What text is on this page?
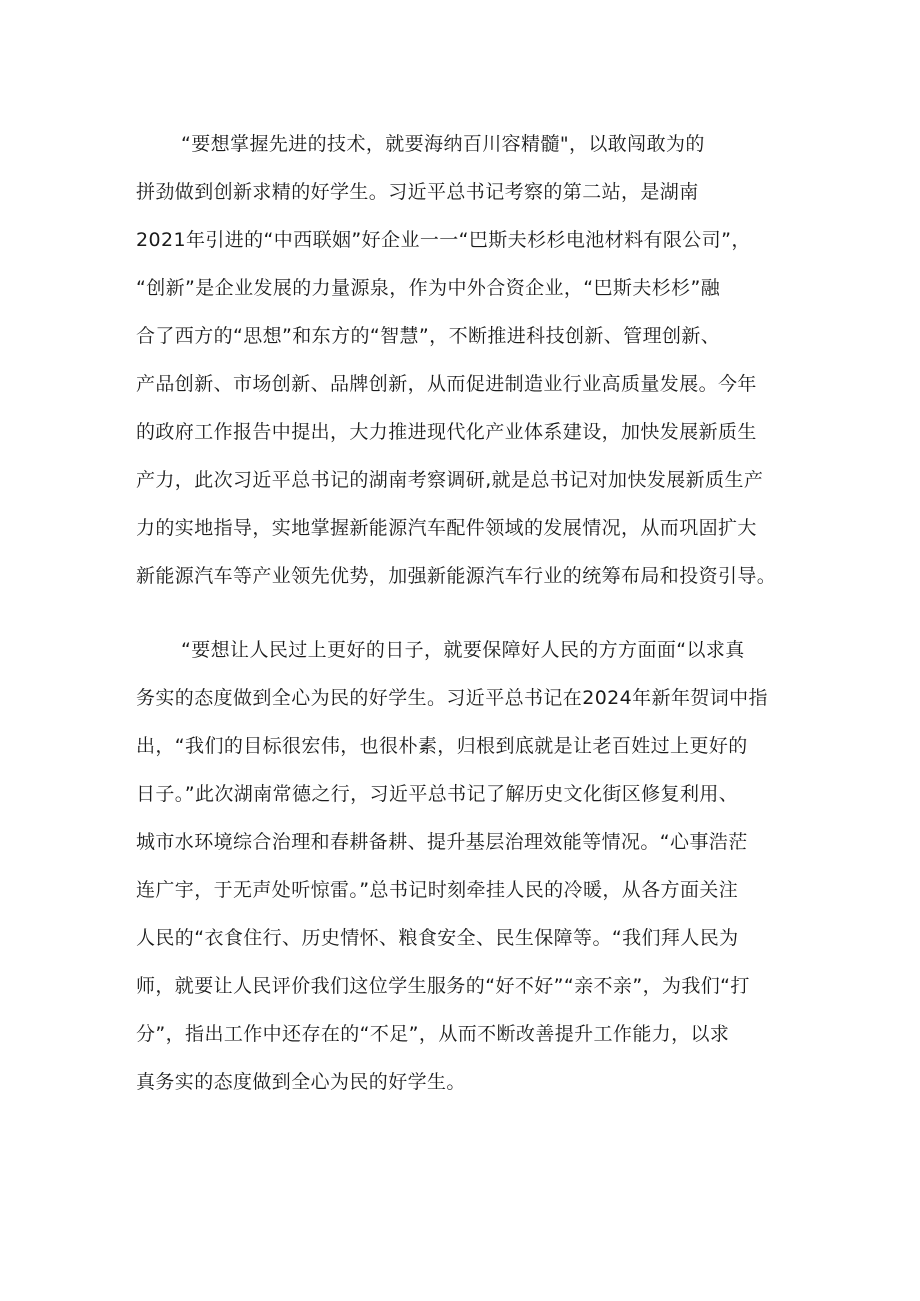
“要想掌握先进的技术，就要海纳百川容精髓"，以敢闯敢为的
拼劲做到创新求精的好学生。习近平总书记考察的第二站，是湖南
2021年引进的“中西联姻”好企业一一“巴斯夫杉杉电池材料有限公司”，
“创新”是企业发展的力量源泉，作为中外合资企业，“巴斯夫杉杉”融
合了西方的“思想”和东方的“智慧”，不断推进科技创新、管理创新、
产品创新、市场创新、品牌创新，从而促进制造业行业高质量发展。今年
的政府工作报告中提出，大力推进现代化产业体系建设，加快发展新质生
产力，此次习近平总书记的湖南考察调研,就是总书记对加快发展新质生产
力的实地指导，实地掌握新能源汽车配件领域的发展情况，从而巩固扩大
新能源汽车等产业领先优势，加强新能源汽车行业的统筹布局和投资引导。
“要想让人民过上更好的日子，就要保障好人民的方方面面“以求真
务实的态度做到全心为民的好学生。习近平总书记在2024年新年贺词中指
出，“我们的目标很宏伟，也很朴素，归根到底就是让老百姓过上更好的
日子。”此次湖南常德之行，习近平总书记了解历史文化街区修复利用、
城市水环境综合治理和春耕备耕、提升基层治理效能等情况。“心事浩茫
连广宇，于无声处听惊雷。”总书记时刻牵挂人民的冷暖，从各方面关注
人民的“衣食住行、历史情怀、粮食安全、民生保障等。“我们拜人民为
师，就要让人民评价我们这位学生服务的“好不好”“亲不亲”，为我们“打
分”，指出工作中还存在的“不足”，从而不断改善提升工作能力，以求
真务实的态度做到全心为民的好学生。
